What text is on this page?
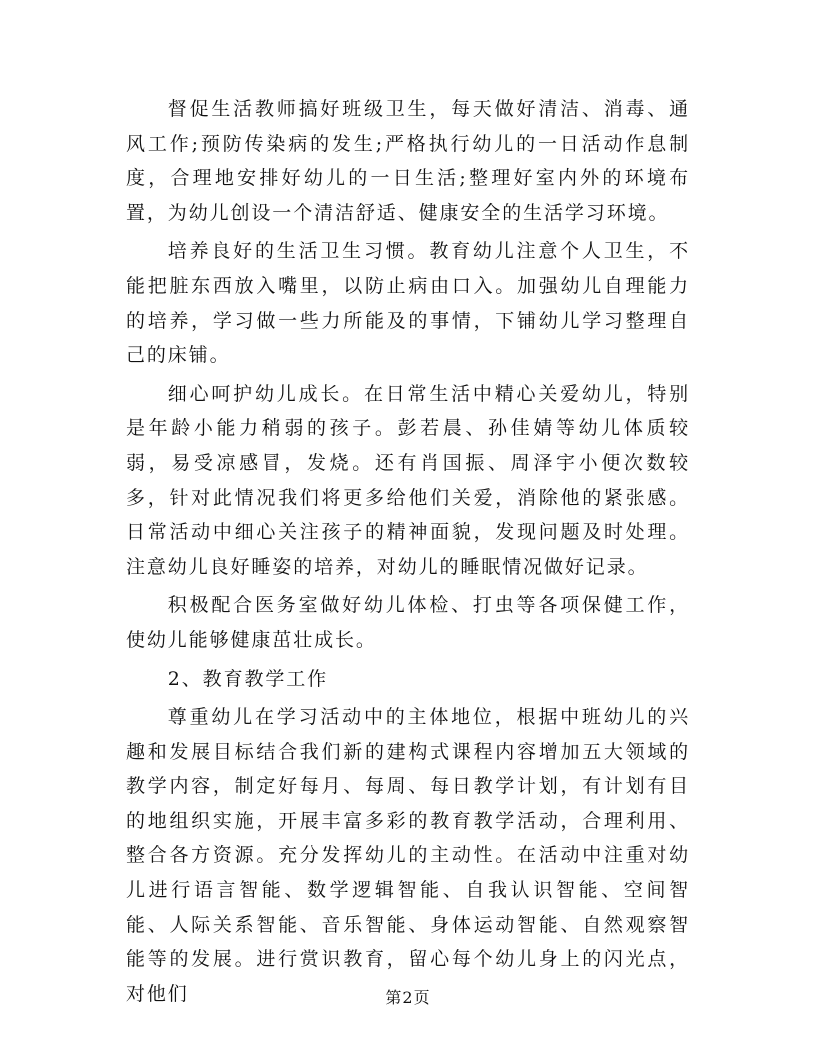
督促生活教师搞好班级卫生，每天做好清洁、消毒、通风工作;预防传染病的发生;严格执行幼儿的一日活动作息制度，合理地安排好幼儿的一日生活;整理好室内外的环境布置，为幼儿创设一个清洁舒适、健康安全的生活学习环境。

培养良好的生活卫生习惯。教育幼儿注意个人卫生，不能把脏东西放入嘴里，以防止病由口入。加强幼儿自理能力的培养，学习做一些力所能及的事情，下铺幼儿学习整理自己的床铺。

细心呵护幼儿成长。在日常生活中精心关爱幼儿，特别是年龄小能力稍弱的孩子。彭若晨、孙佳婧等幼儿体质较弱，易受凉感冒，发烧。还有肖国振、周泽宇小便次数较多，针对此情况我们将更多给他们关爱，消除他的紧张感。日常活动中细心关注孩子的精神面貌，发现问题及时处理。注意幼儿良好睡姿的培养，对幼儿的睡眠情况做好记录。

积极配合医务室做好幼儿体检、打虫等各项保健工作，使幼儿能够健康茁壮成长。

2、教育教学工作

尊重幼儿在学习活动中的主体地位，根据中班幼儿的兴趣和发展目标结合我们新的建构式课程内容增加五大领域的教学内容，制定好每月、每周、每日教学计划，有计划有目的地组织实施，开展丰富多彩的教育教学活动，合理利用、整合各方资源。充分发挥幼儿的主动性。在活动中注重对幼儿进行语言智能、数学逻辑智能、自我认识智能、空间智能、人际关系智能、音乐智能、身体运动智能、自然观察智能等的发展。进行赏识教育，留心每个幼儿身上的闪光点，对他们	第2页
